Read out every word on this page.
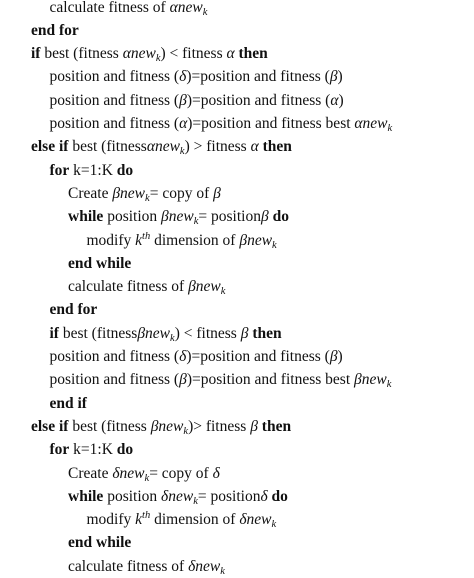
calculate fitness of αnew$_k$
end for
if best (fitness αnew$_k$) < fitness α then
position and fitness (δ)=position and fitness (β)
position and fitness (β)=position and fitness (α)
position and fitness (α)=position and fitness best αnew$_k$
else if best (fitnessαnew$_k$) > fitness α then
for k=1:K do
Create βnew$_k$= copy of β
while position βnew$_k$= positionβ do
modify $k^{th}$ dimension of βnew$_k$
end while
calculate fitness of βnew$_k$
end for
if best (fitnessβnew$_k$) < fitness β then
position and fitness (δ)=position and fitness (β)
position and fitness (β)=position and fitness best βnew$_k$
end if
else if best (fitness βnew$_k$)> fitness β then
for k=1:K do
Create δnew$_k$= copy of δ
while position δnew$_k$= positionδ do
modify $k^{th}$ dimension of δnew$_k$
end while
calculate fitness of δnew$_k$
